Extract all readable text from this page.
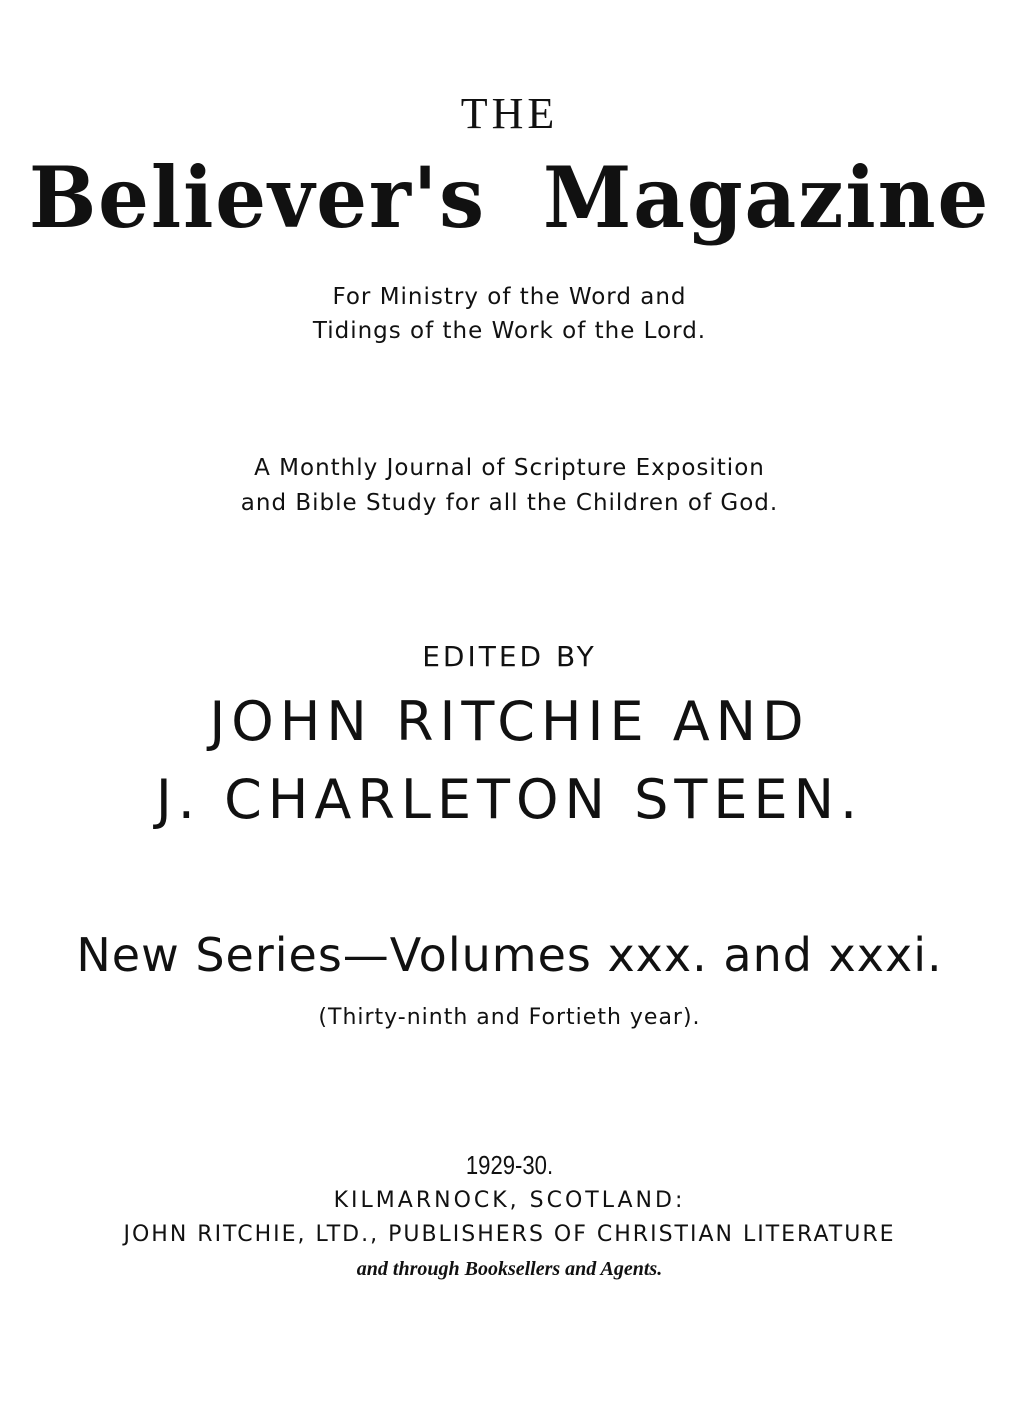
THE
Believer's Magazine
For Ministry of the Word and
Tidings of the Work of the Lord.
A Monthly Journal of Scripture Exposition
and Bible Study for all the Children of God.
EDITED BY
JOHN RITCHIE AND
J. CHARLETON STEEN.
New Series—Volumes xxx. and xxxi.
(Thirty-ninth and Fortieth year).
1929-30.
KILMARNOCK, SCOTLAND:
JOHN RITCHIE, LTD., PUBLISHERS OF CHRISTIAN LITERATURE
and through Booksellers and Agents.
